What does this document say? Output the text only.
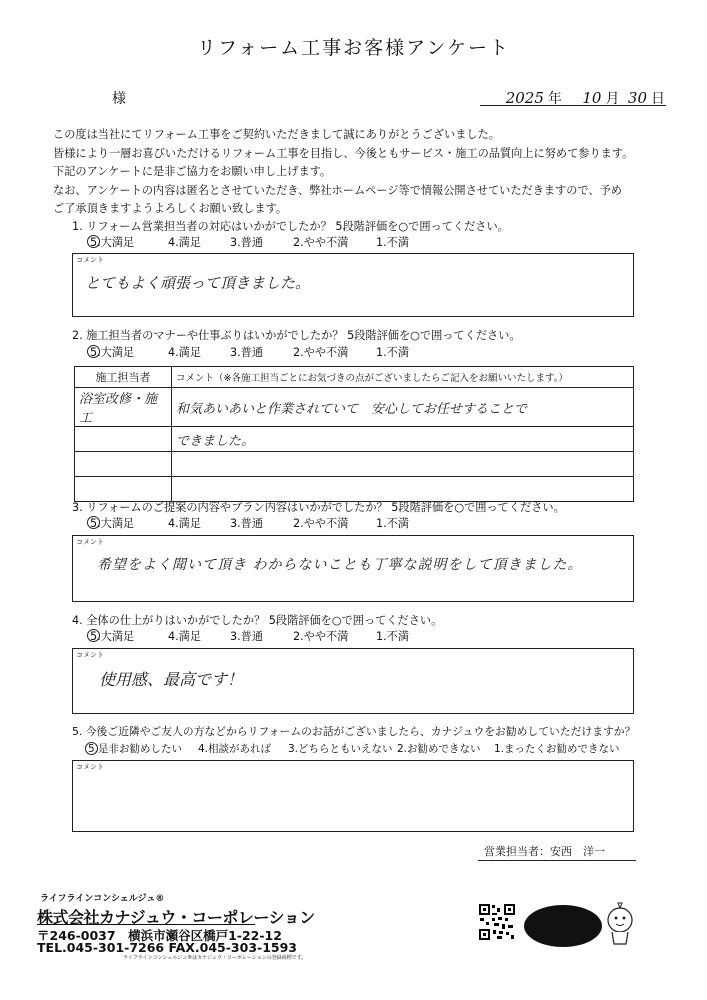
リフォーム工事お客様アンケート
様	2025 年 10 月 30 日
この度は当社にてリフォーム工事をご契約いただきまして誠にありがとうございました。
皆様により一層お喜びいただけるリフォーム工事を目指し、今後ともサービス・施工の品質向上に努めて参ります。
下記のアンケートに是非ご協力をお願い申し上げます。
なお、アンケートの内容は匿名とさせていただき、弊社ホームページ等で情報公開させていただきますので、予め
ご了承頂きますようよろしくお願い致します。
1. リフォーム営業担当者の対応はいかがでしたか？ 5段階評価を○で囲ってください。
5.大満足	4.満足	3.普通	2.やや不満 1.不満
コメント
とてもよく頑張って頂きました。
2. 施工担当者のマナーや仕事ぶりはいかがでしたか？ 5段階評価を○で囲ってください。
5.大満足	4.満足	3.普通	2.やや不満 1.不満
施工担当者	コメント（※各施工担当ごとにお気づきの点がございましたらご記入をお願いいたします。）
浴室改修・施工	和気あいあいと作業されていて　安心してお任せすることで
	できました。

3. リフォームのご提案の内容やプラン内容はいかがでしたか？ 5段階評価を○で囲ってください。
5.大満足	4.満足	3.普通	2.やや不満 1.不満
コメント
希望をよく聞いて頂き わからないことも丁寧な説明をして頂きました。
4. 全体の仕上がりはいかがでしたか？ 5段階評価を○で囲ってください。
5.大満足	4.満足	3.普通	2.やや不満 1.不満
コメント
使用感、最高です！
5. 今後ご近隣やご友人の方などからリフォームのお話がございましたら、カナジュウをお勧めしていただけますか？
5.是非お勧めしたい 4.相談があれば 3.どちらともいえない 2.お勧めできない 1.まったくお勧めできない
コメント
営業担当者：安西　洋一
ライフラインコンシェルジュ®
株式会社カナジュウ・コーポレーション
〒246-0037　横浜市瀬谷区橋戸1-22-12
TEL.045-301-7266 FAX.045-303-1593
ライフラインコンシェルジュ®はカナジュウ・コーポレーションの登録商標です。
